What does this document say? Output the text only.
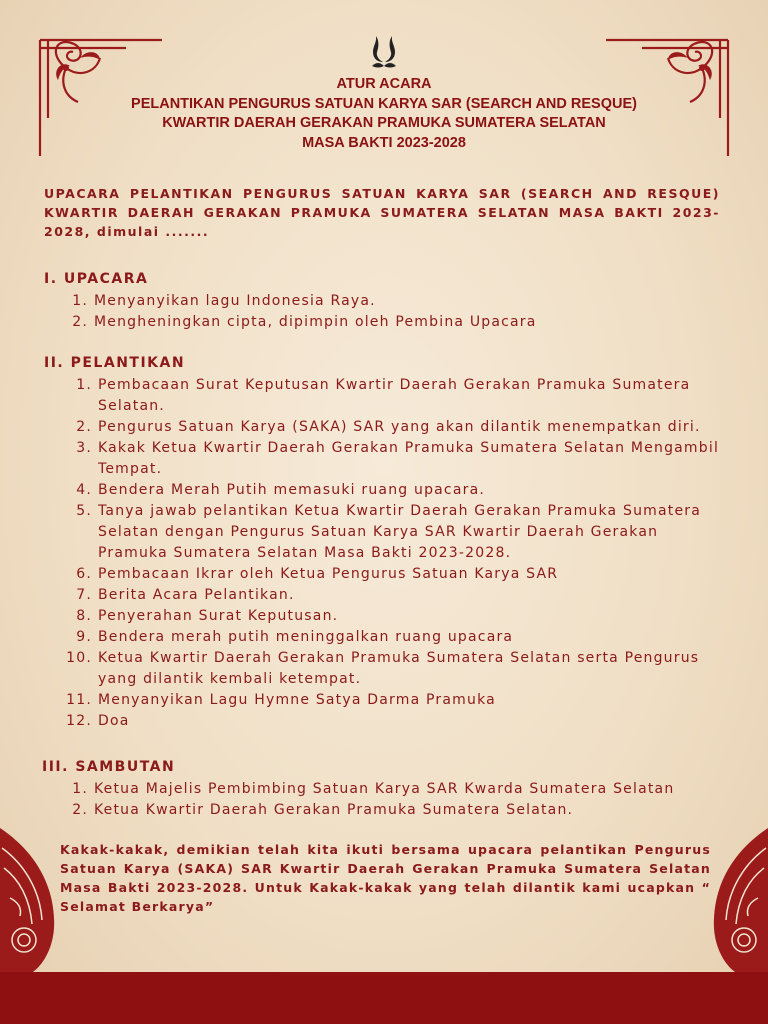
ATUR ACARA
PELANTIKAN PENGURUS SATUAN KARYA SAR (SEARCH AND RESQUE)
KWARTIR DAERAH GERAKAN PRAMUKA SUMATERA SELATAN
MASA BAKTI 2023-2028
UPACARA PELANTIKAN PENGURUS SATUAN KARYA SAR (SEARCH AND RESQUE) KWARTIR DAERAH GERAKAN PRAMUKA SUMATERA SELATAN MASA BAKTI 2023-2028, dimulai .......
I. UPACARA
1. Menyanyikan lagu Indonesia Raya.
2. Mengheningkan cipta, dipimpin oleh Pembina Upacara
II. PELANTIKAN
1. Pembacaan Surat Keputusan Kwartir Daerah Gerakan Pramuka Sumatera Selatan.
2. Pengurus Satuan Karya (SAKA) SAR yang akan dilantik menempatkan diri.
3. Kakak Ketua Kwartir Daerah Gerakan Pramuka Sumatera Selatan Mengambil Tempat.
4. Bendera Merah Putih memasuki ruang upacara.
5. Tanya jawab pelantikan Ketua Kwartir Daerah Gerakan Pramuka Sumatera Selatan dengan Pengurus Satuan Karya SAR Kwartir Daerah Gerakan Pramuka Sumatera Selatan Masa Bakti 2023-2028.
6. Pembacaan Ikrar oleh Ketua Pengurus Satuan Karya SAR
7. Berita Acara Pelantikan.
8. Penyerahan Surat Keputusan.
9. Bendera merah putih meninggalkan ruang upacara
10. Ketua Kwartir Daerah Gerakan Pramuka Sumatera Selatan serta Pengurus yang dilantik kembali ketempat.
11. Menyanyikan Lagu Hymne Satya Darma Pramuka
12. Doa
III. SAMBUTAN
1. Ketua Majelis Pembimbing Satuan Karya SAR Kwarda Sumatera Selatan
2. Ketua Kwartir Daerah Gerakan Pramuka Sumatera Selatan.
Kakak-kakak, demikian telah kita ikuti bersama upacara pelantikan Pengurus Satuan Karya (SAKA) SAR Kwartir Daerah Gerakan Pramuka Sumatera Selatan Masa Bakti 2023-2028. Untuk Kakak-kakak yang telah dilantik kami ucapkan “ Selamat Berkarya”
